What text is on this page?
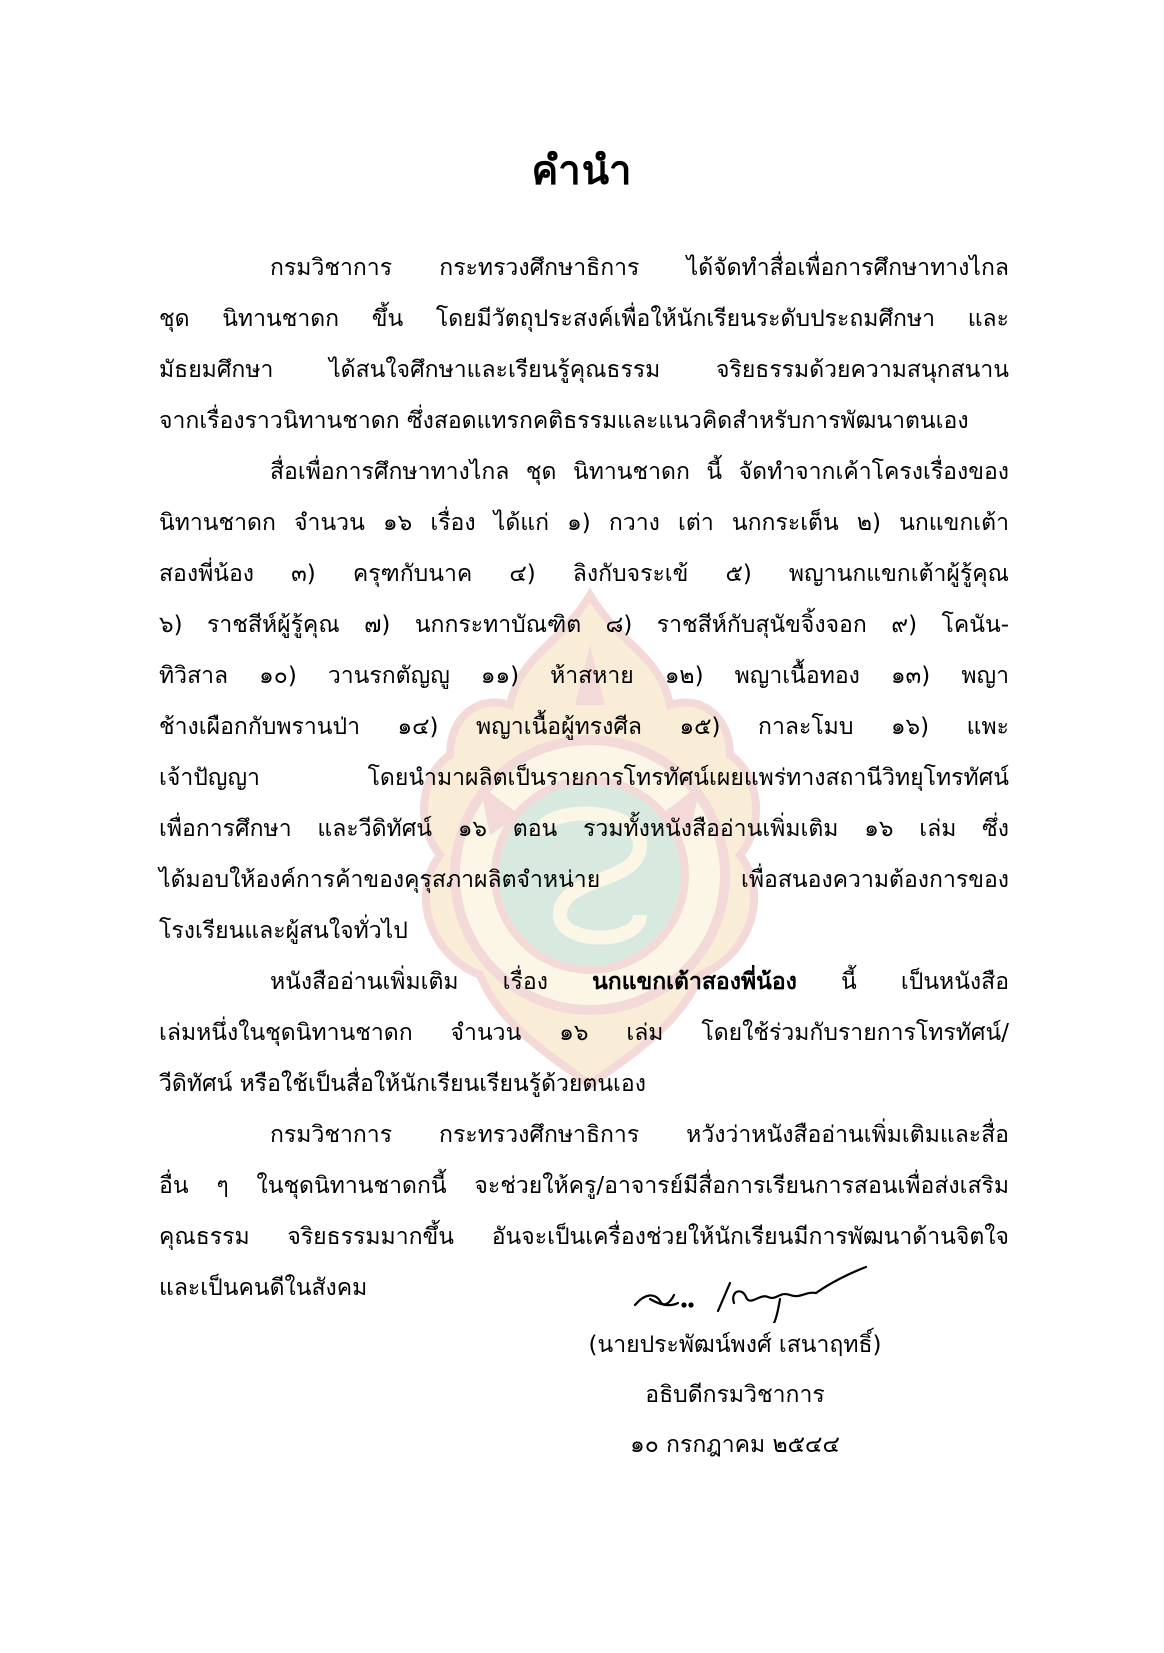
คำนำ

กรมวิชาการ กระทรวงศึกษาธิการ ได้จัดทำสื่อเพื่อการศึกษาทางไกล
ชุด นิทานชาดก ขึ้น โดยมีวัตถุประสงค์เพื่อให้นักเรียนระดับประถมศึกษา และ
มัธยมศึกษา ได้สนใจศึกษาและเรียนรู้คุณธรรม จริยธรรมด้วยความสนุกสนาน
จากเรื่องราวนิทานชาดก ซึ่งสอดแทรกคติธรรมและแนวคิดสำหรับการพัฒนาตนเอง

สื่อเพื่อการศึกษาทางไกล ชุด นิทานชาดก นี้ จัดทำจากเค้าโครงเรื่องของ
นิทานชาดก จำนวน ๑๖ เรื่อง ได้แก่ ๑) กวาง เต่า นกกระเต็น ๒) นกแขกเต้า
สองพี่น้อง ๓) ครุฑกับนาค ๔) ลิงกับจระเข้ ๕) พญานกแขกเต้าผู้รู้คุณ
๖) ราชสีห์ผู้รู้คุณ ๗) นกกระทาบัณฑิต ๘) ราชสีห์กับสุนัขจิ้งจอก ๙) โคนัน-
ทิวิสาล ๑๐) วานรกตัญญู ๑๑) ห้าสหาย ๑๒) พญาเนื้อทอง ๑๓) พญา
ช้างเผือกกับพรานป่า ๑๔) พญาเนื้อผู้ทรงศีล ๑๕) กาละโมบ ๑๖) แพะ
เจ้าปัญญา โดยนำมาผลิตเป็นรายการโทรทัศน์เผยแพร่ทางสถานีวิทยุโทรทัศน์
เพื่อการศึกษา และวีดิทัศน์ ๑๖ ตอน รวมทั้งหนังสืออ่านเพิ่มเติม ๑๖ เล่ม ซึ่ง
ได้มอบให้องค์การค้าของคุรุสภาผลิตจำหน่าย เพื่อสนองความต้องการของ
โรงเรียนและผู้สนใจทั่วไป

หนังสืออ่านเพิ่มเติม เรื่อง นกแขกเต้าสองพี่น้อง นี้ เป็นหนังสือ
เล่มหนึ่งในชุดนิทานชาดก จำนวน ๑๖ เล่ม โดยใช้ร่วมกับรายการโทรทัศน์/
วีดิทัศน์ หรือใช้เป็นสื่อให้นักเรียนเรียนรู้ด้วยตนเอง

กรมวิชาการ กระทรวงศึกษาธิการ หวังว่าหนังสืออ่านเพิ่มเติมและสื่อ
อื่น ๆ ในชุดนิทานชาดกนี้ จะช่วยให้ครู/อาจารย์มีสื่อการเรียนการสอนเพื่อส่งเสริม
คุณธรรม จริยธรรมมากขึ้น อันจะเป็นเครื่องช่วยให้นักเรียนมีการพัฒนาด้านจิตใจ
และเป็นคนดีในสังคม

(นายประพัฒน์พงศ์ เสนาฤทธิ์)
อธิบดีกรมวิชาการ
๑๐ กรกฎาคม ๒๕๔๔
